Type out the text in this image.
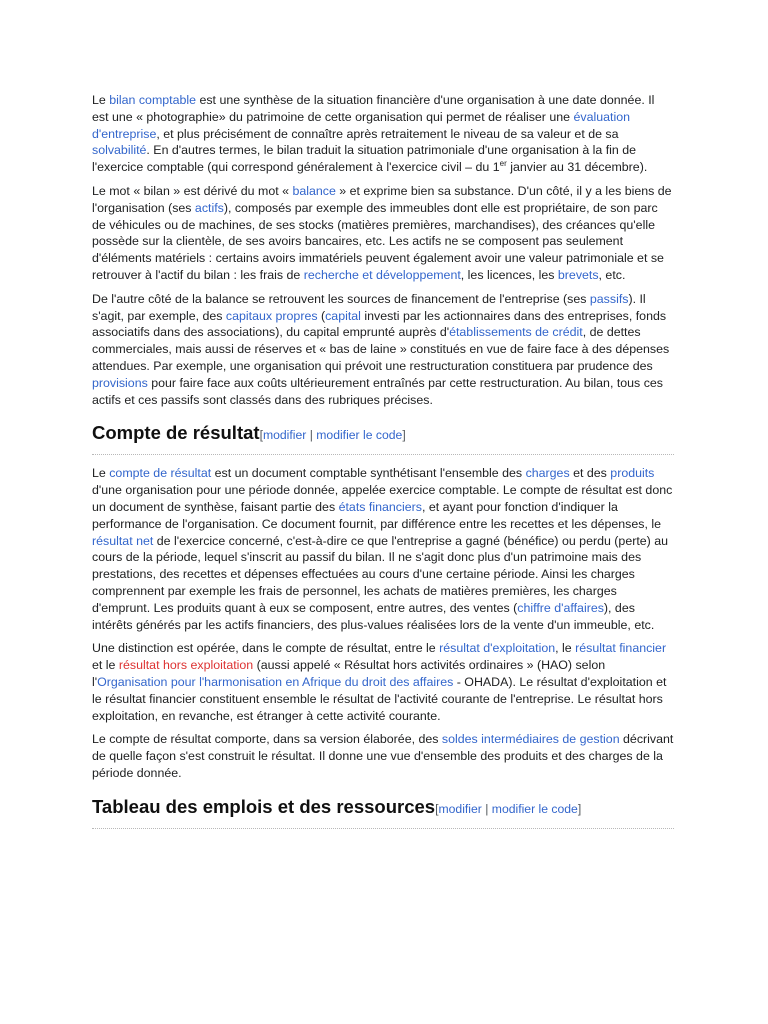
Le bilan comptable est une synthèse de la situation financière d'une organisation à une date donnée. Il est une « photographie» du patrimoine de cette organisation qui permet de réaliser une évaluation d'entreprise, et plus précisément de connaître après retraitement le niveau de sa valeur et de sa solvabilité. En d'autres termes, le bilan traduit la situation patrimoniale d'une organisation à la fin de l'exercice comptable (qui correspond généralement à l'exercice civil – du 1er janvier au 31 décembre).

Le mot « bilan » est dérivé du mot « balance » et exprime bien sa substance. D'un côté, il y a les biens de l'organisation (ses actifs), composés par exemple des immeubles dont elle est propriétaire, de son parc de véhicules ou de machines, de ses stocks (matières premières, marchandises), des créances qu'elle possède sur la clientèle, de ses avoirs bancaires, etc. Les actifs ne se composent pas seulement d'éléments matériels : certains avoirs immatériels peuvent également avoir une valeur patrimoniale et se retrouver à l'actif du bilan : les frais de recherche et développement, les licences, les brevets, etc.

De l'autre côté de la balance se retrouvent les sources de financement de l'entreprise (ses passifs). Il s'agit, par exemple, des capitaux propres (capital investi par les actionnaires dans des entreprises, fonds associatifs dans des associations), du capital emprunté auprès d'établissements de crédit, de dettes commerciales, mais aussi de réserves et « bas de laine » constitués en vue de faire face à des dépenses attendues. Par exemple, une organisation qui prévoit une restructuration constituera par prudence des provisions pour faire face aux coûts ultérieurement entraînés par cette restructuration. Au bilan, tous ces actifs et ces passifs sont classés dans des rubriques précises.

Compte de résultat[modifier | modifier le code]

Le compte de résultat est un document comptable synthétisant l'ensemble des charges et des produits d'une organisation pour une période donnée, appelée exercice comptable. Le compte de résultat est donc un document de synthèse, faisant partie des états financiers, et ayant pour fonction d'indiquer la performance de l'organisation. Ce document fournit, par différence entre les recettes et les dépenses, le résultat net de l'exercice concerné, c'est-à-dire ce que l'entreprise a gagné (bénéfice) ou perdu (perte) au cours de la période, lequel s'inscrit au passif du bilan. Il ne s'agit donc plus d'un patrimoine mais des prestations, des recettes et dépenses effectuées au cours d'une certaine période. Ainsi les charges comprennent par exemple les frais de personnel, les achats de matières premières, les charges d'emprunt. Les produits quant à eux se composent, entre autres, des ventes (chiffre d'affaires), des intérêts générés par les actifs financiers, des plus-values réalisées lors de la vente d'un immeuble, etc.

Une distinction est opérée, dans le compte de résultat, entre le résultat d'exploitation, le résultat financier et le résultat hors exploitation (aussi appelé « Résultat hors activités ordinaires » (HAO) selon l'Organisation pour l'harmonisation en Afrique du droit des affaires - OHADA). Le résultat d'exploitation et le résultat financier constituent ensemble le résultat de l'activité courante de l'entreprise. Le résultat hors exploitation, en revanche, est étranger à cette activité courante.

Le compte de résultat comporte, dans sa version élaborée, des soldes intermédiaires de gestion décrivant de quelle façon s'est construit le résultat. Il donne une vue d'ensemble des produits et des charges de la période donnée.

Tableau des emplois et des ressources[modifier | modifier le code]
